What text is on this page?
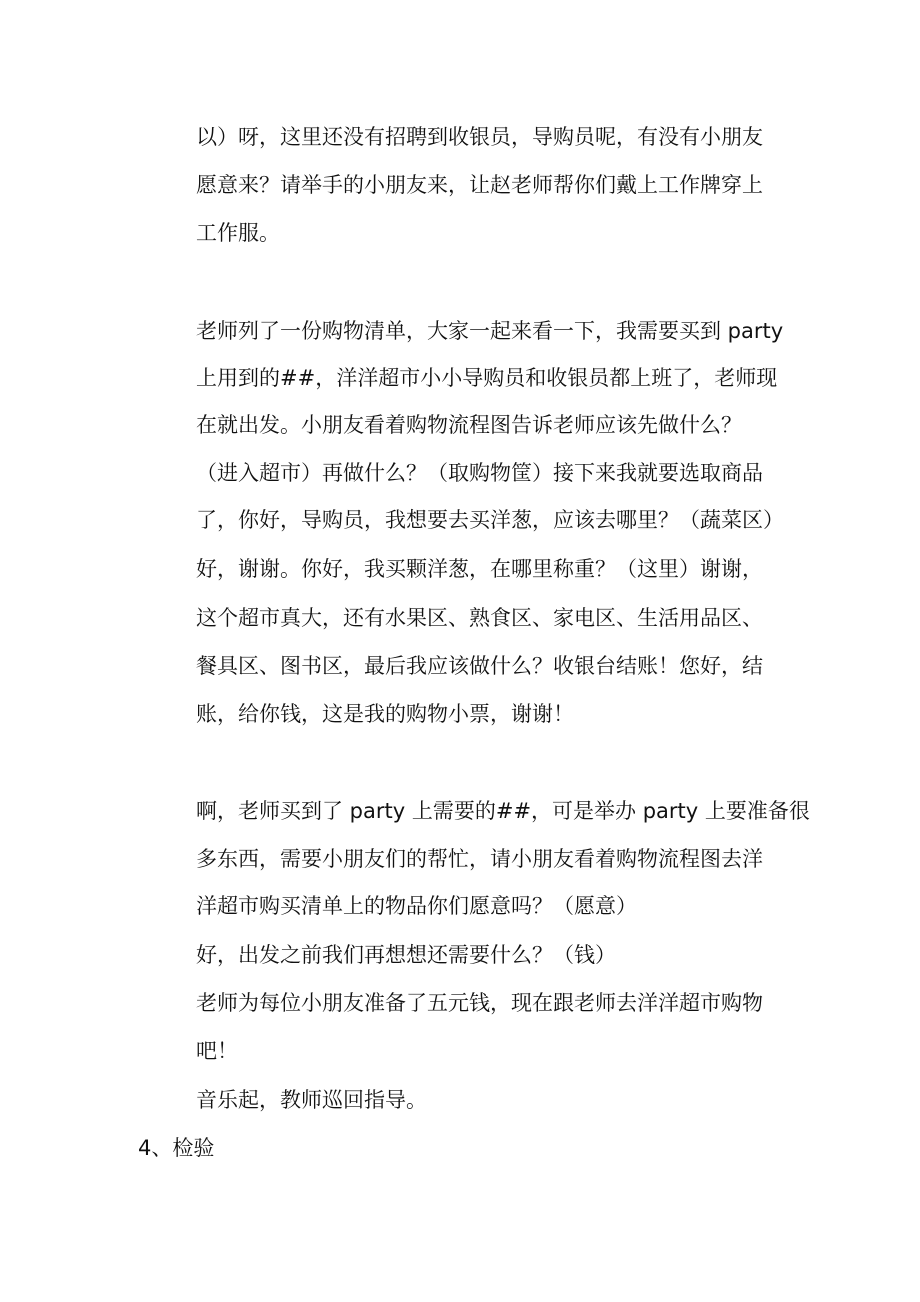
以）呀，这里还没有招聘到收银员，导购员呢，有没有小朋友
愿意来？请举手的小朋友来，让赵老师帮你们戴上工作牌穿上
工作服。
老师列了一份购物清单，大家一起来看一下，我需要买到 party
上用到的##，洋洋超市小小导购员和收银员都上班了，老师现
在就出发。小朋友看着购物流程图告诉老师应该先做什么？
（进入超市）再做什么？（取购物筐）接下来我就要选取商品
了，你好，导购员，我想要去买洋葱，应该去哪里？（蔬菜区）
好，谢谢。你好，我买颗洋葱，在哪里称重？（这里）谢谢，
这个超市真大，还有水果区、熟食区、家电区、生活用品区、
餐具区、图书区，最后我应该做什么？收银台结账！您好，结
账，给你钱，这是我的购物小票，谢谢！
啊，老师买到了 party 上需要的##，可是举办 party 上要准备很
多东西，需要小朋友们的帮忙，请小朋友看着购物流程图去洋
洋超市购买清单上的物品你们愿意吗？（愿意）
好，出发之前我们再想想还需要什么？（钱）
老师为每位小朋友准备了五元钱，现在跟老师去洋洋超市购物
吧！
音乐起，教师巡回指导。
4、检验
